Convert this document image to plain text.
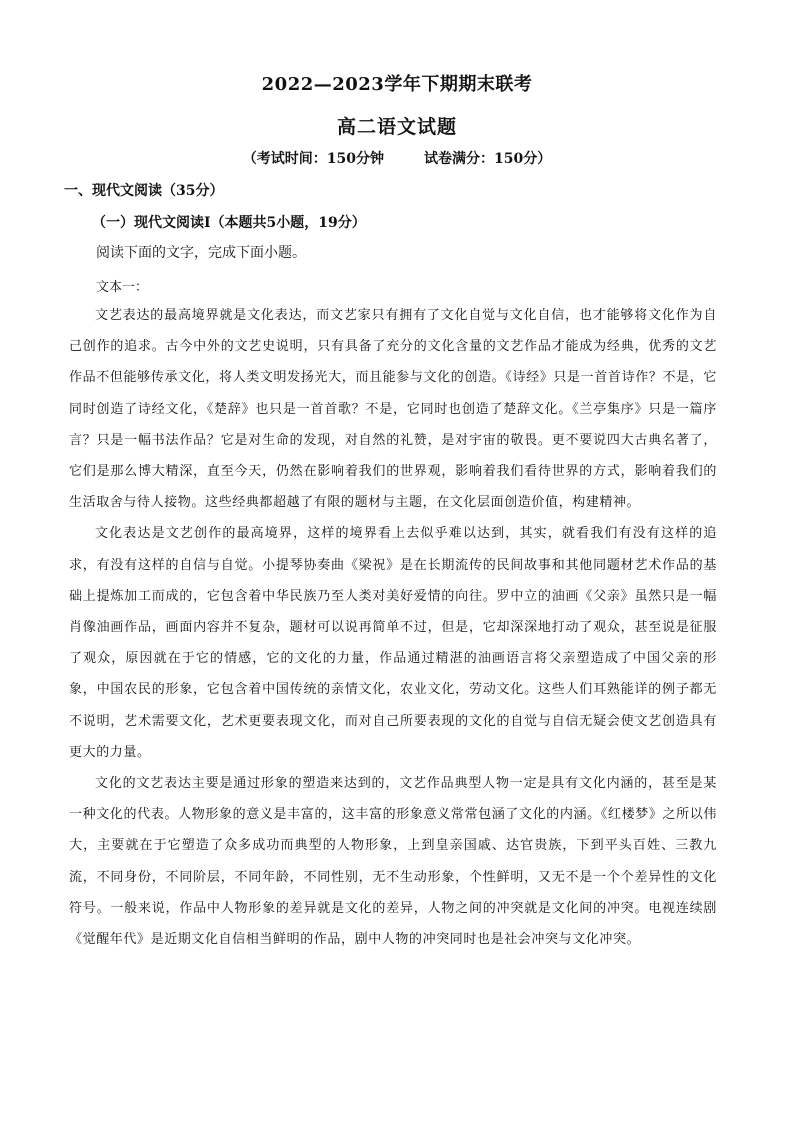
2022—2023学年下期期末联考
高二语文试题
（考试时间：150分钟	试卷满分：150分）
一、现代文阅读（35分）
（一）现代文阅读Ⅰ（本题共5小题，19分）
阅读下面的文字，完成下面小题。
文本一：

文艺表达的最高境界就是文化表达，而文艺家只有拥有了文化自觉与文化自信，也才能够将文化作为自己创作的追求。古今中外的文艺史说明，只有具备了充分的文化含量的文艺作品才能成为经典，优秀的文艺作品不但能够传承文化，将人类文明发扬光大，而且能参与文化的创造。《诗经》只是一首首诗作？不是，它同时创造了诗经文化，《楚辞》也只是一首首歌？不是，它同时也创造了楚辞文化。《兰亭集序》只是一篇序言？只是一幅书法作品？它是对生命的发现，对自然的礼赞，是对宇宙的敬畏。更不要说四大古典名著了，它们是那么博大精深，直至今天，仍然在影响着我们的世界观，影响着我们看待世界的方式，影响着我们的生活取舍与待人接物。这些经典都超越了有限的题材与主题，在文化层面创造价值，构建精神。

文化表达是文艺创作的最高境界，这样的境界看上去似乎难以达到，其实，就看我们有没有这样的追求，有没有这样的自信与自觉。小提琴协奏曲《梁祝》是在长期流传的民间故事和其他同题材艺术作品的基础上提炼加工而成的，它包含着中华民族乃至人类对美好爱情的向往。罗中立的油画《父亲》虽然只是一幅肖像油画作品，画面内容并不复杂，题材可以说再简单不过，但是，它却深深地打动了观众，甚至说是征服了观众，原因就在于它的情感，它的文化的力量，作品通过精湛的油画语言将父亲塑造成了中国父亲的形象，中国农民的形象，它包含着中国传统的亲情文化，农业文化，劳动文化。这些人们耳熟能详的例子都无不说明，艺术需要文化，艺术更要表现文化，而对自己所要表现的文化的自觉与自信无疑会使文艺创造具有更大的力量。

文化的文艺表达主要是通过形象的塑造来达到的，文艺作品典型人物一定是具有文化内涵的，甚至是某一种文化的代表。人物形象的意义是丰富的，这丰富的形象意义常常包涵了文化的内涵。《红楼梦》之所以伟大，主要就在于它塑造了众多成功而典型的人物形象，上到皇亲国戚、达官贵族，下到平头百姓、三教九流，不同身份，不同阶层，不同年龄，不同性别，无不生动形象，个性鲜明，又无不是一个个差异性的文化符号。一般来说，作品中人物形象的差异就是文化的差异，人物之间的冲突就是文化间的冲突。电视连续剧《觉醒年代》是近期文化自信相当鲜明的作品，剧中人物的冲突同时也是社会冲突与文化冲突。
